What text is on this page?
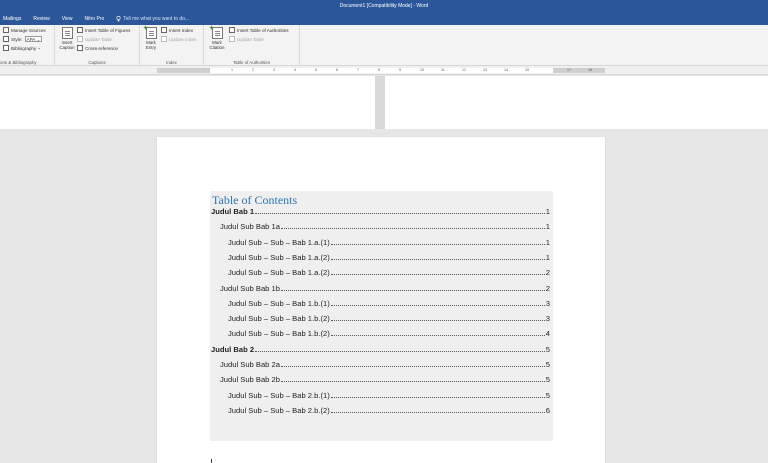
Document1 [Compatibility Mode] - Word
Mailings Review View Nitro Pro	Tell me what you want to do...
Manage Sources
Style: APA ⌄
Bibliography ⌄
ons & Bibliography
Insert
Caption
Insert Table of Figures
Update Table
Cross-reference
Captions
+
Mark
Entry
Insert Index
Update Index
Index
+
Mark
Citation
Insert Table of Authorities
Update Table
Table of Authorities
1	2	3	4	5	6	7	8	9	10	11	12	13	14	15	17	18
Table of Contents
Judul Bab 1	1
Judul Sub Bab 1a	1
Judul Sub – Sub – Bab 1.a.(1)	1
Judul Sub – Sub – Bab 1.a.(2)	1
Judul Sub – Sub – Bab 1.a.(2)	2
Judul Sub Bab 1b	2
Judul Sub – Sub – Bab 1.b.(1)	3
Judul Sub – Sub – Bab 1.b.(2)	3
Judul Sub – Sub – Bab 1.b.(2)	4
Judul Bab 2	5
Judul Sub Bab 2a	5
Judul Sub Bab 2b	5
Judul Sub – Sub – Bab 2.b.(1)	5
Judul Sub – Sub – Bab 2.b.(2)	6
